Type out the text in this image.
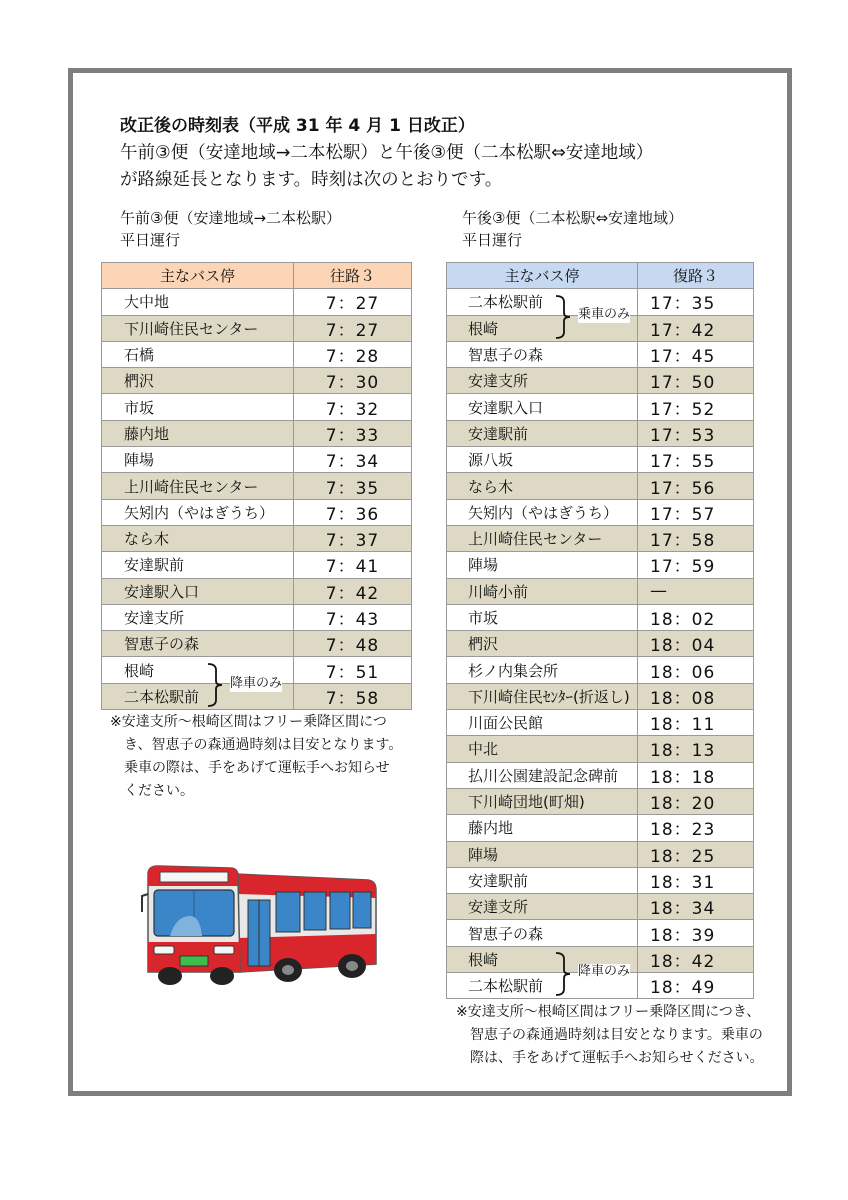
改正後の時刻表（平成 31 年 4 月 1 日改正）
午前③便（安達地域→二本松駅）と午後③便（二本松駅⇔安達地域）
が路線延長となります。時刻は次のとおりです。
午前③便（安達地域→二本松駅）
平日運行
午後③便（二本松駅⇔安達地域）
平日運行
主なバス停	往路３
大中地	7：27
下川崎住民センター	7：27
石橋	7：28
椚沢	7：30
市坂	7：32
藤内地	7：33
陣場	7：34
上川崎住民センター	7：35
矢矧内（やはぎうち）	7：36
なら木	7：37
安達駅前	7：41
安達駅入口	7：42
安達支所	7：43
智恵子の森	7：48
根崎	7：51
二本松駅前	7：58
主なバス停	復路３
二本松駅前	17：35
根崎	17：42
智恵子の森	17：45
安達支所	17：50
安達駅入口	17：52
安達駅前	17：53
源八坂	17：55
なら木	17：56
矢矧内（やはぎうち）	17：57
上川崎住民センター	17：58
陣場	17：59
川崎小前	—
市坂	18：02
椚沢	18：04
杉ノ内集会所	18：06
下川崎住民ｾﾝﾀｰ(折返し)	18：08
川面公民館	18：11
中北	18：13
払川公園建設記念碑前	18：18
下川崎団地(町畑)	18：20
藤内地	18：23
陣場	18：25
安達駅前	18：31
安達支所	18：34
智恵子の森	18：39
根崎	18：42
二本松駅前	18：49
降車のみ
乗車のみ
降車のみ
※安達支所～根崎区間はフリー乗降区間につ
き、智恵子の森通過時刻は目安となります。
乗車の際は、手をあげて運転手へお知らせ
ください。
※安達支所～根崎区間はフリー乗降区間につき、
智恵子の森通過時刻は目安となります。乗車の
際は、手をあげて運転手へお知らせください。
